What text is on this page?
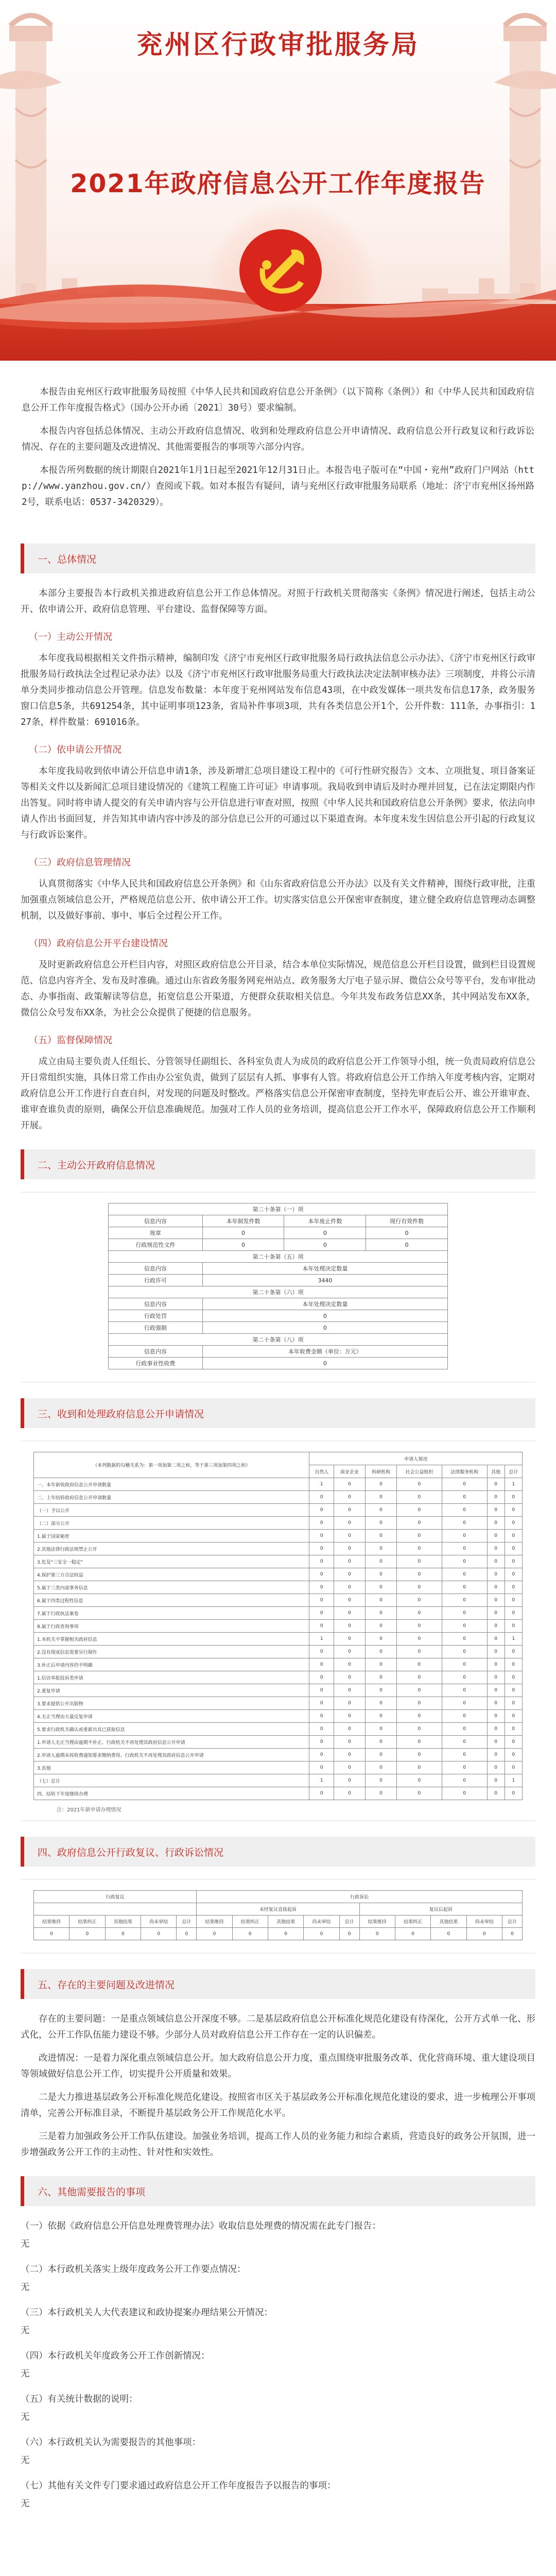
兖州区行政审批服务局
2021年政府信息公开工作年度报告

本报告由兖州区行政审批服务局按照《中华人民共和国政府信息公开条例》（以下简称《条例》）和《中华人民共和国政府信息公开工作年度报告格式》（国办公开办函〔2021〕30号）要求编制。

本报告内容包括总体情况、主动公开政府信息情况、收到和处理政府信息公开申请情况、政府信息公开行政复议和行政诉讼情况、存在的主要问题及改进情况、其他需要报告的事项等六部分内容。

本报告所列数据的统计期限自2021年1月1日起至2021年12月31日止。本报告电子版可在“中国・兖州”政府门户网站（http://www.yanzhou.gov.cn/）查阅或下载。如对本报告有疑问，请与兖州区行政审批服务局联系（地址：济宁市兖州区扬州路2号，联系电话：0537-3420329）。

一、总体情况

本部分主要报告本行政机关推进政府信息公开工作总体情况。对照于行政机关贯彻落实《条例》情况进行阐述，包括主动公开、依申请公开、政府信息管理、平台建设、监督保障等方面。

（一）主动公开情况

本年度我局根据相关文件指示精神，编制印发《济宁市兖州区行政审批服务局行政执法信息公示办法》、《济宁市兖州区行政审批服务局行政执法全过程记录办法》以及《济宁市兖州区行政审批服务局重大行政执法决定法制审核办法》三项制度，并将公示清单分类同步推动信息公开管理。信息发布数量：本年度于兖州网站发布信息43项，在中政发媒体一项共发布信息17条，政务服务窗口信息5条，共691254条，其中证明事项123条，省局补件事项3项，共有各类信息公开1个，公开件数：111条，办事指引：127条，样件数量：691016条。

（二）依申请公开情况

本年度我局收到依申请公开信息申请1条，涉及新增汇总项目建设工程中的《可行性研究报告》文本、立项批复、项目备案证等相关文件以及新闻汇总项目建设情况的《建筑工程施工许可证》申请事项。我局收到申请后及时办理并回复，已在法定期限内作出答复。同时将申请人提交的有关申请内容与公开信息进行审查对照，按照《中华人民共和国政府信息公开条例》要求，依法向申请人作出书面回复，并告知其申请内容中涉及的部分信息已公开的可通过以下渠道查询。本年度未发生因信息公开引起的行政复议与行政诉讼案件。

（三）政府信息管理情况

认真贯彻落实《中华人民共和国政府信息公开条例》和《山东省政府信息公开办法》以及有关文件精神，围绕行政审批，注重加强重点领域信息公开，严格规范信息公开、依申请公开工作。切实落实信息公开保密审查制度，建立健全政府信息管理动态调整机制，以及做好事前、事中、事后全过程公开工作。

（四）政府信息公开平台建设情况

及时更新政府信息公开栏目内容，对照区政府信息公开目录，结合本单位实际情况，规范信息公开栏目设置，做到栏目设置规范、信息内容齐全、发布及时准确。通过山东省政务服务网兖州站点、政务服务大厅电子显示屏、微信公众号等平台，发布审批动态、办事指南、政策解读等信息，拓宽信息公开渠道，方便群众获取相关信息。今年共发布政务信息XX条，其中网站发布XX条，微信公众号发布XX条，为社会公众提供了便捷的信息服务。

（五）监督保障情况

成立由局主要负责人任组长、分管领导任副组长、各科室负责人为成员的政府信息公开工作领导小组，统一负责局政府信息公开日常组织实施，具体日常工作由办公室负责，做到了层层有人抓、事事有人管。将政府信息公开工作纳入年度考核内容，定期对政府信息公开工作进行自查自纠，对发现的问题及时整改。严格落实信息公开保密审查制度，坚持先审查后公开、谁公开谁审查、谁审查谁负责的原则，确保公开信息准确规范。加强对工作人员的业务培训，提高信息公开工作水平，保障政府信息公开工作顺利开展。

二、主动公开政府信息情况
第二十条第（一）项			
信息内容	本年制发件数	本年废止件数	现行有效件数
规章	0	0	0
行政规范性文件	0	0	0
第二十条第（五）项			
信息内容	本年处理决定数量		
行政许可	3440		
第二十条第（六）项			
信息内容	本年处理决定数量		
行政处罚	0		
行政强制	0		
第二十条第（八）项			
信息内容	本年收费金额（单位：万元）		
行政事业性收费	0		
三、收到和处理政府信息公开申请情况
（本列数据的勾稽关系为：第一项加第二项之和，等于第三项加第四项之和）	申请人情况						
	自然人	商业企业	科研机构	社会公益组织	法律服务机构	其他	总计
一、本年新收政府信息公开申请数量	1	0	0	0	0	0	1
二、上年结转政府信息公开申请数量	0	0	0	0	0	0	0
（一）予以公开	0	0	0	0	0	0	0
（二）部分公开	0	0	0	0	0	0	0
1.属于国家秘密	0	0	0	0	0	0	0
2.其他法律行政法规禁止公开	0	0	0	0	0	0	0
3.危及"三安全一稳定"	0	0	0	0	0	0	0
4.保护第三方合法权益	0	0	0	0	0	0	0
5.属于三类内部事务信息	0	0	0	0	0	0	0
6.属于四类过程性信息	0	0	0	0	0	0	0
7.属于行政执法案卷	0	0	0	0	0	0	0
8.属于行政查询事项	0	0	0	0	0	0	0
1.本机关不掌握相关政府信息	1	0	0	0	0	0	1
2.没有现成信息需要另行制作	0	0	0	0	0	0	0
3.补正后申请内容仍不明确	0	0	0	0	0	0	0
1.信访举报投诉类申请	0	0	0	0	0	0	0
2.重复申请	0	0	0	0	0	0	0
3.要求提供公开出版物	0	0	0	0	0	0	0
4.无正当理由大量反复申请	0	0	0	0	0	0	0
5.要求行政机关确认或重新出具已获取信息	0	0	0	0	0	0	0
1.申请人无正当理由逾期不补正、行政机关不再处理其政府信息公开申请	0	0	0	0	0	0	0
2.申请人逾期未按收费通知要求缴纳费用、行政机关不再处理其政府信息公开申请	0	0	0	0	0	0	0
3.其他	0	0	0	0	0	0	0
（七）总计	1	0	0	0	0	0	1
四、结转下年度继续办理	0	0	0	0	0	0	0
注：2021年新申请办理情况
四、政府信息公开行政复议、行政诉讼情况
行政复议					行政诉讼									
					未经复议直接起诉					复议后起诉				
结果维持	结果纠正	其他结果	尚未审结	总计	结果维持	结果纠正	其他结果	尚未审结	总计	结果维持	结果纠正	其他结果	尚未审结	总计
0	0	0	0	0	0	0	0	0	0	0	0	0	0	0
五、存在的主要问题及改进情况

存在的主要问题：一是重点领域信息公开深度不够。二是基层政府信息公开标准化规范化建设有待深化，公开方式单一化、形式化，公开工作队伍能力建设不够。少部分人员对政府信息公开工作存在一定的认识偏差。

改进情况：一是着力深化重点领域信息公开。加大政府信息公开力度，重点围绕审批服务改革、优化营商环境、重大建设项目等领域做好信息公开工作，切实提升公开质量和效果。

二是大力推进基层政务公开标准化规范化建设。按照省市区关于基层政务公开标准化规范化建设的要求，进一步梳理公开事项清单，完善公开标准目录，不断提升基层政务公开工作规范化水平。

三是着力加强政务公开工作队伍建设。加强业务培训，提高工作人员的业务能力和综合素质，营造良好的政务公开氛围，进一步增强政务公开工作的主动性、针对性和实效性。

六、其他需要报告的事项

（一）依据《政府信息公开信息处理费管理办法》收取信息处理费的情况需在此专门报告：

无

（二）本行政机关落实上级年度政务公开工作要点情况：

无

（三）本行政机关人大代表建议和政协提案办理结果公开情况：

无

（四）本行政机关年度政务公开工作创新情况：

无

（五）有关统计数据的说明：

无

（六）本行政机关认为需要报告的其他事项：

无

（七）其他有关文件专门要求通过政府信息公开工作年度报告予以报告的事项：

无
